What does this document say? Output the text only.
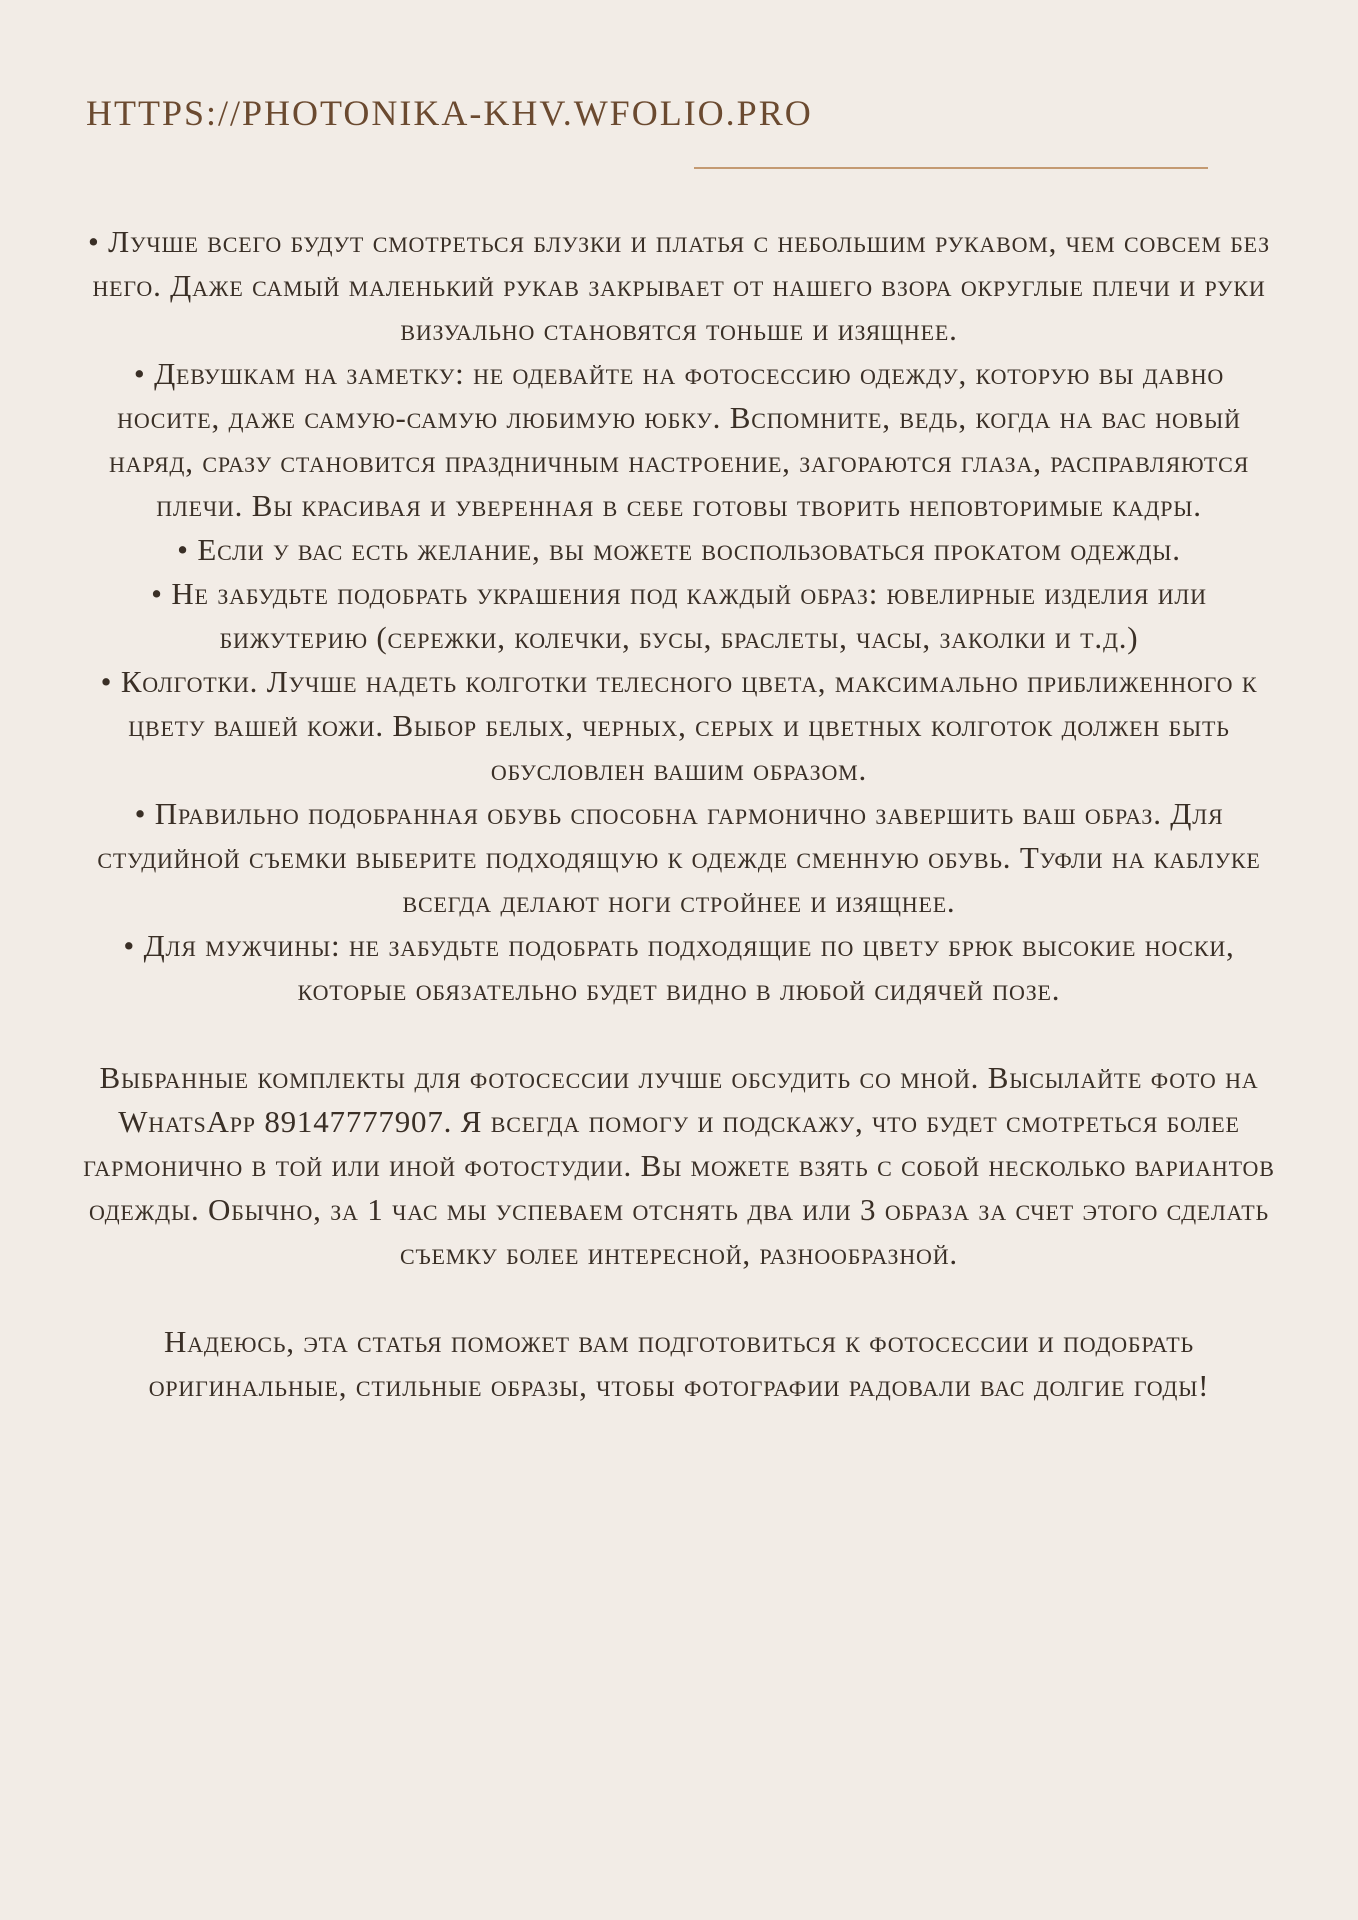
HTTPS://PHOTONIKA-KHV.WFOLIO.PRO

• Лучше всего будут смотреться блузки и платья с небольшим рукавом, чем совсем без него. Даже самый маленький рукав закрывает от нашего взора округлые плечи и руки визуально становятся тоньше и изящнее.

• Девушкам на заметку: не одевайте на фотосессию одежду, которую вы давно носите, даже самую-самую любимую юбку. Вспомните, ведь, когда на вас новый наряд, сразу становится праздничным настроение, загораются глаза, расправляются плечи. Вы красивая и уверенная в себе готовы творить неповторимые кадры.

• Если у вас есть желание, вы можете воспользоваться прокатом одежды.

• Не забудьте подобрать украшения под каждый образ: ювелирные изделия или бижутерию (сережки, колечки, бусы, браслеты, часы, заколки и т.д.)

• Колготки. Лучше надеть колготки телесного цвета, максимально приближенного к цвету вашей кожи. Выбор белых, черных, серых и цветных колготок должен быть обусловлен вашим образом.

• Правильно подобранная обувь способна гармонично завершить ваш образ. Для студийной съемки выберите подходящую к одежде сменную обувь. Туфли на каблуке всегда делают ноги стройнее и изящнее.

• Для мужчины: не забудьте подобрать подходящие по цвету брюк высокие носки, которые обязательно будет видно в любой сидячей позе.

Выбранные комплекты для фотосессии лучше обсудить со мной. Высылайте фото на WhatsApp 89147777907. Я всегда помогу и подскажу, что будет смотреться более гармонично в той или иной фотостудии. Вы можете взять с собой несколько вариантов одежды. Обычно, за 1 час мы успеваем отснять два или 3 образа за счет этого сделать съемку более интересной, разнообразной.

Надеюсь, эта статья поможет вам подготовиться к фотосессии и подобрать оригинальные, стильные образы, чтобы фотографии радовали вас долгие годы!
